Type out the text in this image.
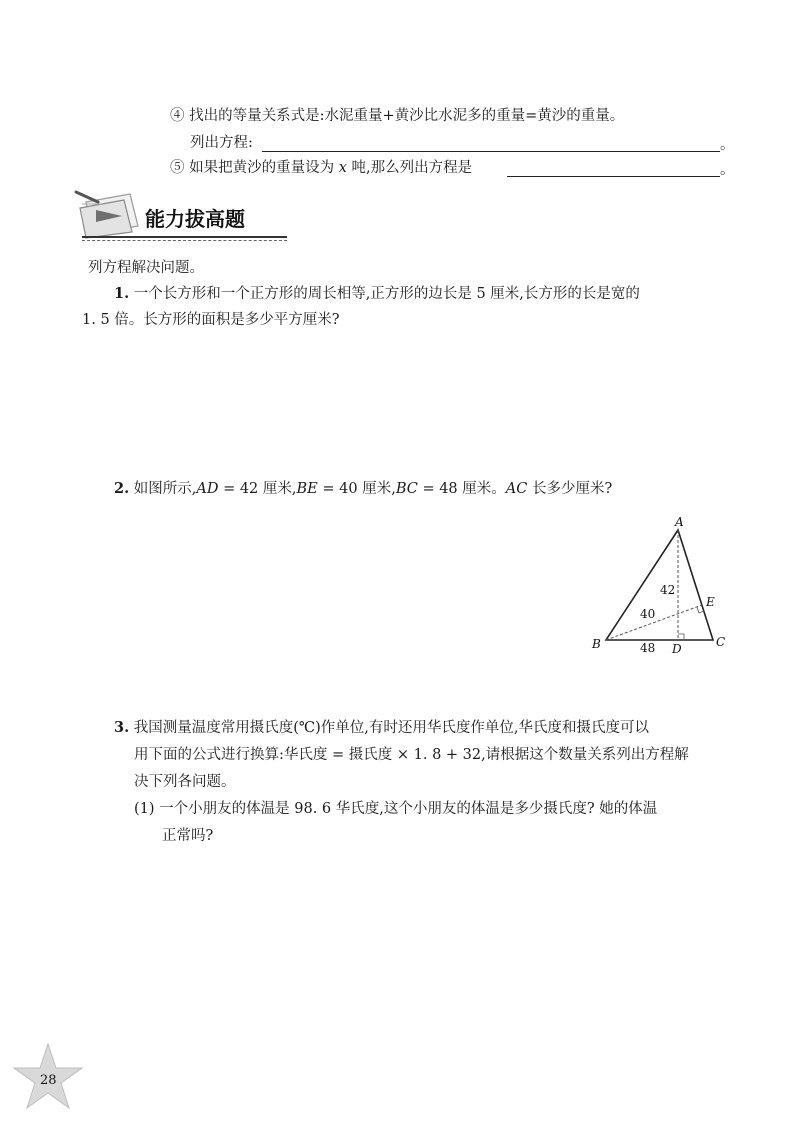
④ 找出的等量关系式是:水泥重量+黄沙比水泥多的重量=黄沙的重量。
列出方程:	。
⑤ 如果把黄沙的重量设为 x 吨,那么列出方程是	。
能力拔高题
列方程解决问题。
1. 一个长方形和一个正方形的周长相等,正方形的边长是 5 厘米,长方形的长是宽的
1. 5 倍。长方形的面积是多少平方厘米?
2. 如图所示,AD = 42 厘米,BE = 40 厘米,BC = 48 厘米。AC 长多少厘米?
A
B	C
D
E
42
40
48
3. 我国测量温度常用摄氏度(℃)作单位,有时还用华氏度作单位,华氏度和摄氏度可以
用下面的公式进行换算:华氏度 = 摄氏度 × 1. 8 + 32,请根据这个数量关系列出方程解
决下列各问题。
(1) 一个小朋友的体温是 98. 6 华氏度,这个小朋友的体温是多少摄氏度? 她的体温
正常吗?
28
